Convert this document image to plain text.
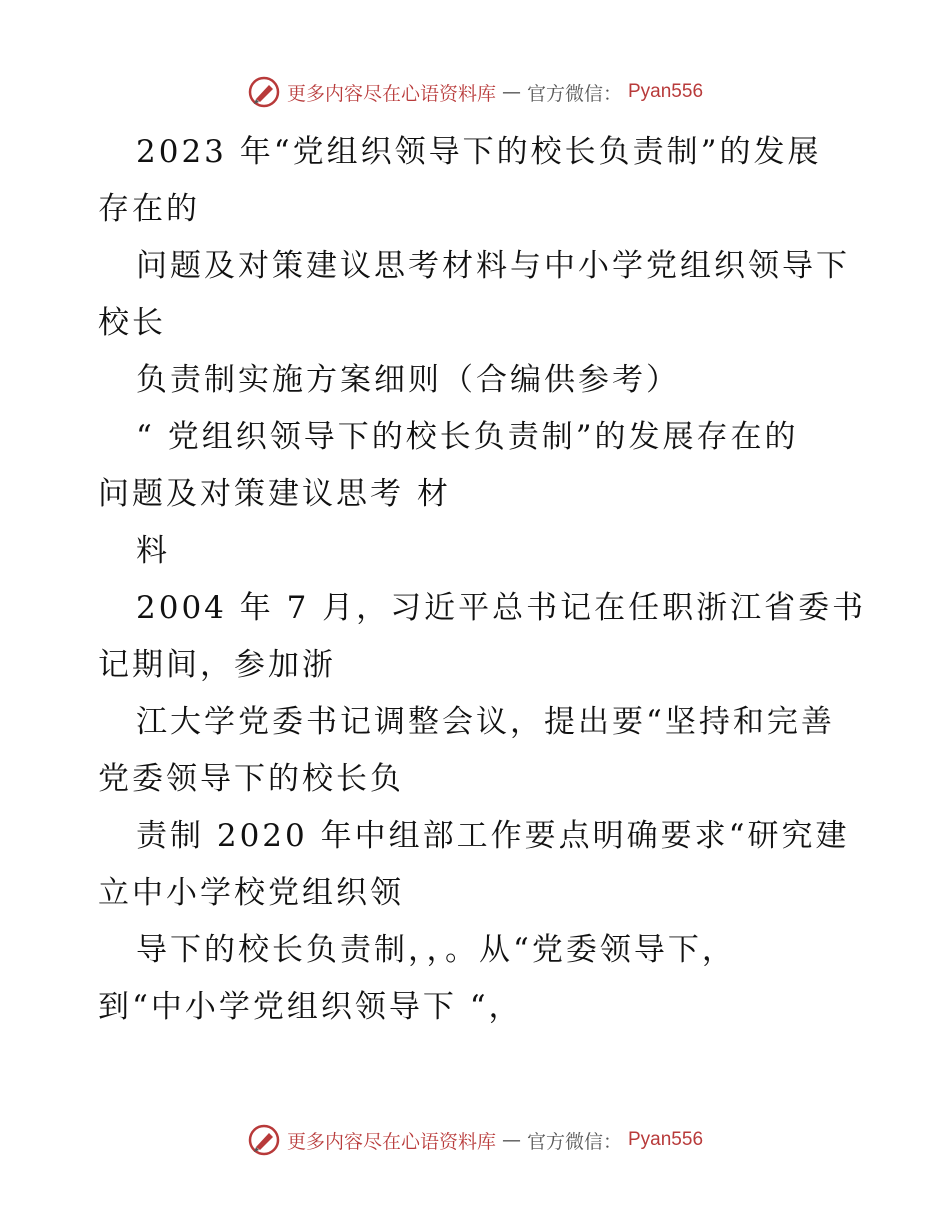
更多内容尽在心语资料库 — 官方微信： Pyan556
2023 年“党组织领导下的校长负责制”的发展
存在的
问题及对策建议思考材料与中小学党组织领导下
校长
负责制实施方案细则（合编供参考）
“ 党组织领导下的校长负责制”的发展存在的
问题及对策建议思考 材
料
2004 年 7 月，习近平总书记在任职浙江省委书
记期间，参加浙
江大学党委书记调整会议，提出要“坚持和完善
党委领导下的校长负
责制 2020 年中组部工作要点明确要求“研究建
立中小学校党组织领
导下的校长负责制，，。从“党委领导下，
到“中小学党组织领导下 “，
更多内容尽在心语资料库 — 官方微信： Pyan556
